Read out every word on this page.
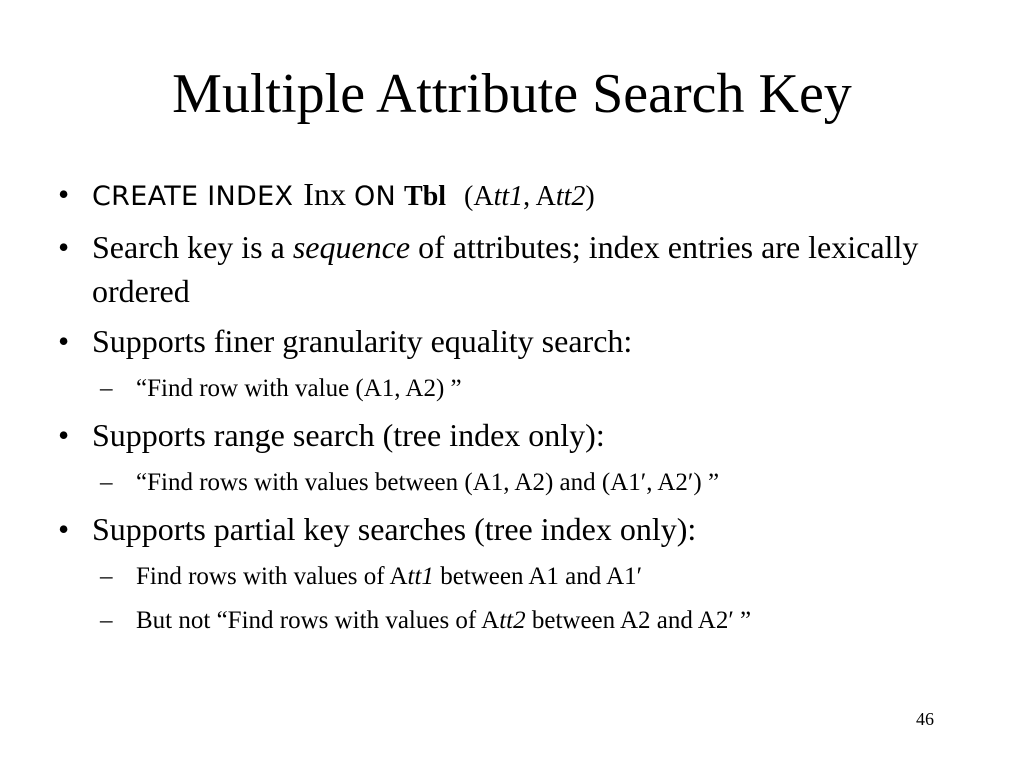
Multiple Attribute Search Key
• CREATE INDEX Inx ON Tbl (Att1, Att2)
• Search key is a sequence of attributes; index entries are lexically ordered
• Supports finer granularity equality search:
– “Find row with value (A1, A2) ”
• Supports range search (tree index only):
– “Find rows with values between (A1, A2) and (A1′, A2′) ”
• Supports partial key searches (tree index only):
– Find rows with values of Att1 between A1 and A1′
– But not “Find rows with values of Att2 between A2 and A2′ ”
46
